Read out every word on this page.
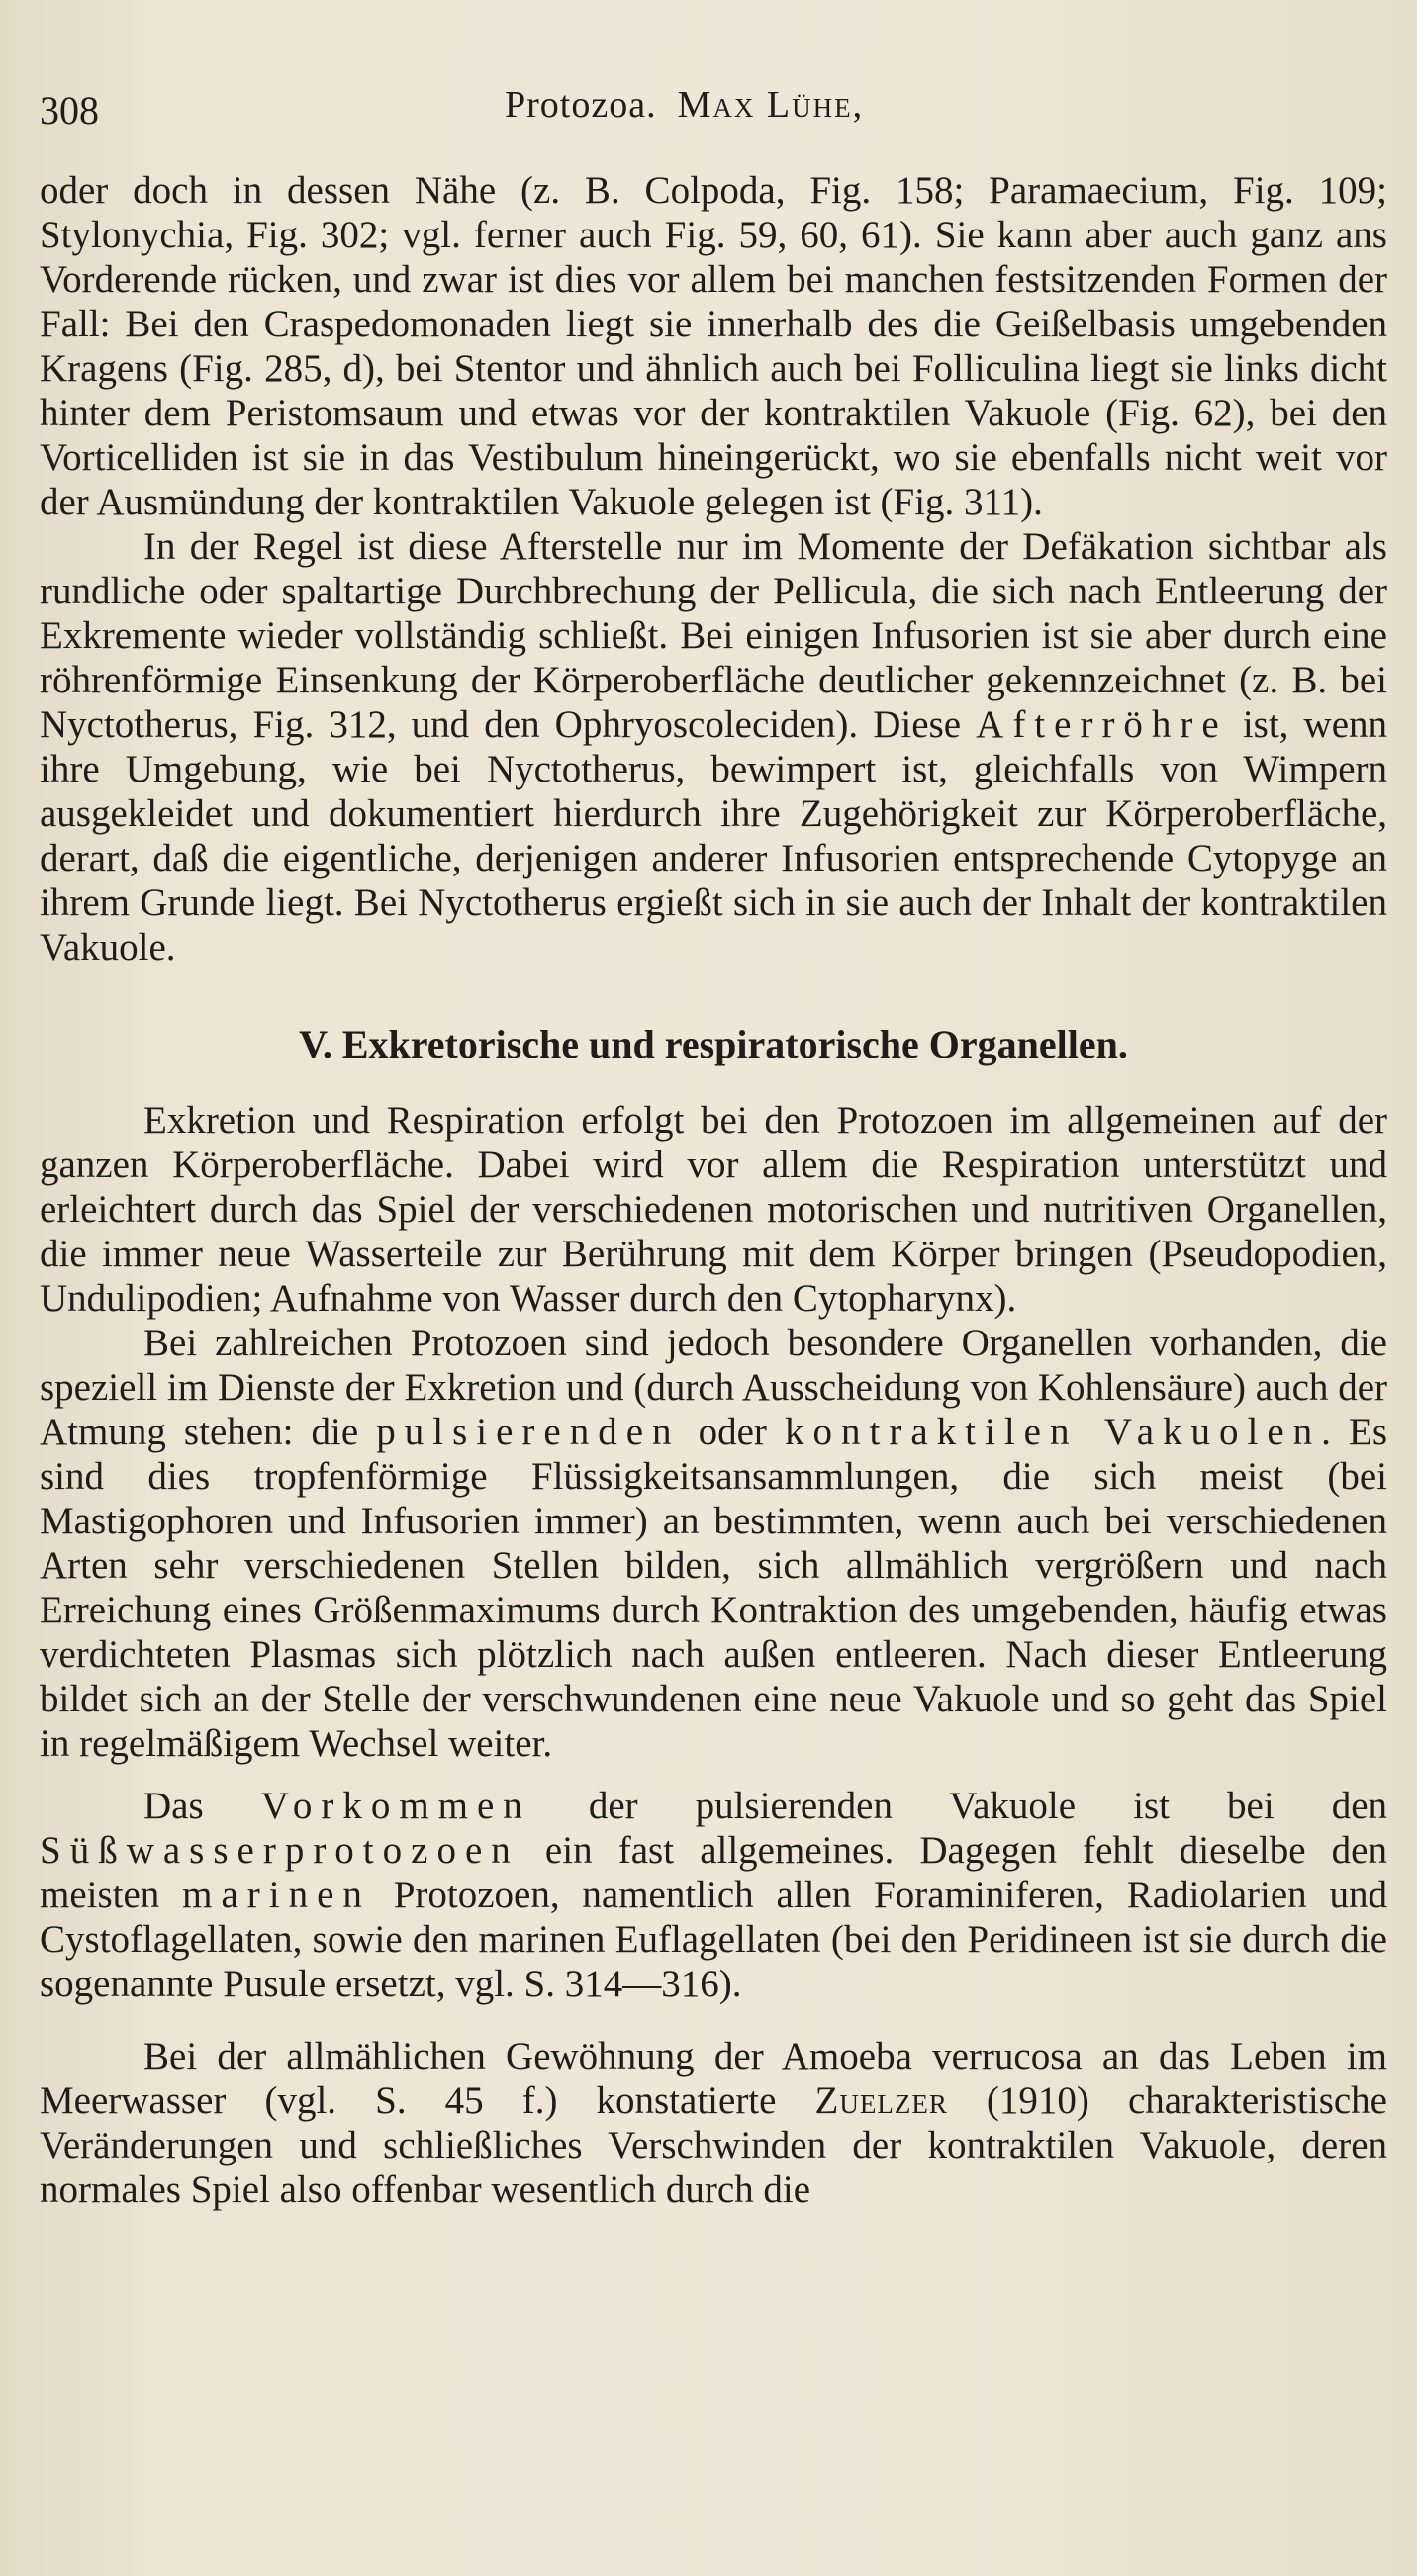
308	Protozoa. Max Lühe,

oder doch in dessen Nähe (z. B. Colpoda, Fig. 158; Paramaecium, Fig. 109; Stylonychia, Fig. 302; vgl. ferner auch Fig. 59, 60, 61). Sie kann aber auch ganz ans Vorderende rücken, und zwar ist dies vor allem bei manchen festsitzenden Formen der Fall: Bei den Craspedomonaden liegt sie innerhalb des die Geißelbasis umgebenden Kragens (Fig. 285, d), bei Stentor und ähnlich auch bei Folliculina liegt sie links dicht hinter dem Peristomsaum und etwas vor der kontraktilen Vakuole (Fig. 62), bei den Vorticelliden ist sie in das Vestibulum hineingerückt, wo sie ebenfalls nicht weit vor der Ausmündung der kontraktilen Vakuole gelegen ist (Fig. 311).

In der Regel ist diese Afterstelle nur im Momente der Defäkation sichtbar als rundliche oder spaltartige Durchbrechung der Pellicula, die sich nach Entleerung der Exkremente wieder vollständig schließt. Bei einigen Infusorien ist sie aber durch eine röhrenförmige Einsenkung der Körperoberfläche deutlicher gekennzeichnet (z. B. bei Nyctotherus, Fig. 312, und den Ophryoscoleciden). Diese Afterröhre ist, wenn ihre Umgebung, wie bei Nyctotherus, bewimpert ist, gleichfalls von Wimpern ausgekleidet und dokumentiert hierdurch ihre Zugehörigkeit zur Körperoberfläche, derart, daß die eigentliche, derjenigen anderer Infusorien entsprechende Cytopyge an ihrem Grunde liegt. Bei Nyctotherus ergießt sich in sie auch der Inhalt der kontraktilen Vakuole.

V. Exkretorische und respiratorische Organellen.

Exkretion und Respiration erfolgt bei den Protozoen im allgemeinen auf der ganzen Körperoberfläche. Dabei wird vor allem die Respiration unterstützt und erleichtert durch das Spiel der verschiedenen motorischen und nutritiven Organellen, die immer neue Wasserteile zur Berührung mit dem Körper bringen (Pseudopodien, Undulipodien; Aufnahme von Wasser durch den Cytopharynx).

Bei zahlreichen Protozoen sind jedoch besondere Organellen vorhanden, die speziell im Dienste der Exkretion und (durch Ausscheidung von Kohlensäure) auch der Atmung stehen: die pulsierenden oder kontraktilen Vakuolen. Es sind dies tropfenförmige Flüssigkeitsansammlungen, die sich meist (bei Mastigophoren und Infusorien immer) an bestimmten, wenn auch bei verschiedenen Arten sehr verschiedenen Stellen bilden, sich allmählich vergrößern und nach Erreichung eines Größenmaximums durch Kontraktion des umgebenden, häufig etwas verdichteten Plasmas sich plötzlich nach außen entleeren. Nach dieser Entleerung bildet sich an der Stelle der verschwundenen eine neue Vakuole und so geht das Spiel in regelmäßigem Wechsel weiter.

Das Vorkommen der pulsierenden Vakuole ist bei den Süßwasserprotozoen ein fast allgemeines. Dagegen fehlt dieselbe den meisten marinen Protozoen, namentlich allen Foraminiferen, Radiolarien und Cystoflagellaten, sowie den marinen Euflagellaten (bei den Peridineen ist sie durch die sogenannte Pusule ersetzt, vgl. S. 314—316).

Bei der allmählichen Gewöhnung der Amoeba verrucosa an das Leben im Meerwasser (vgl. S. 45 f.) konstatierte Zuelzer (1910) charakteristische Veränderungen und schließliches Verschwinden der kontraktilen Vakuole, deren normales Spiel also offenbar wesentlich durch die
